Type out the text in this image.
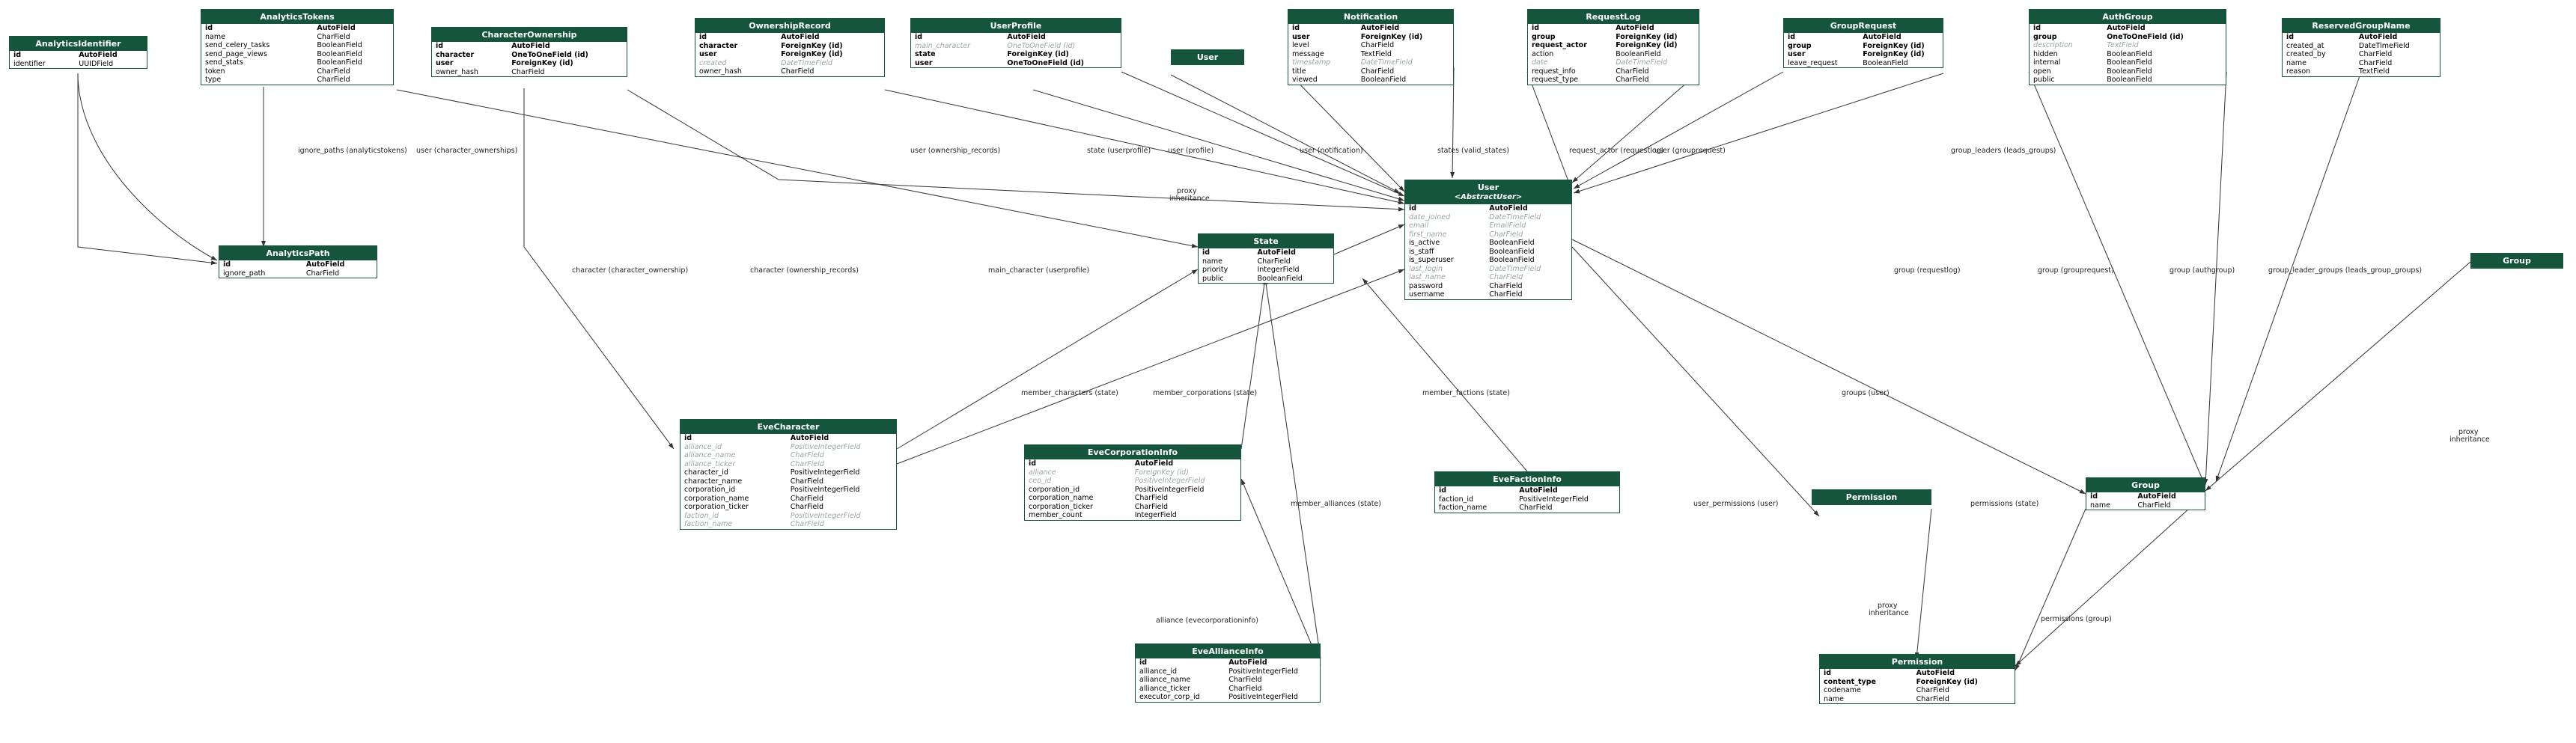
ignore_paths (analyticstokens) user (character_ownerships)	user (ownership_records)	state (userprofile) user (profile)
proxy
inheritance
user (notification)	states (valid_states)	request_actor (requestlog)
user (grouprequest)	group_leaders (leads_groups)
group (requestlog)	group (grouprequest)	group (authgroup)	group_leader_groups (leads_group_groups)
proxy
inheritance
character (character_ownership)	character (ownership_records)	main_character (userprofile)
member_characters (state)	member_corporations (state)	member_factions (state)	groups (user)
member_alliances (state)	user_permissions (user)	permissions (state)
alliance (evecorporationinfo)	permissions (group)
proxy
inheritance
AnalyticsIdentifier
id	AutoField
identifier	UUIDField
AnalyticsTokens
id	AutoField
name	CharField
send_celery_tasks	BooleanField
send_page_views	BooleanField
send_stats	BooleanField
token	CharField
type	CharField
AnalyticsPath
id	AutoField
ignore_path	CharField
CharacterOwnership
id	AutoField
character	OneToOneField (id)
user	ForeignKey (id)
owner_hash	CharField
OwnershipRecord
id	AutoField
character	ForeignKey (id)
user	ForeignKey (id)
created	DateTimeField
owner_hash	CharField
UserProfile
id	AutoField
main_character	OneToOneField (id)
state	ForeignKey (id)
user	OneToOneField (id)
User
Notification
id	AutoField
user	ForeignKey (id)
level	CharField
message	TextField
timestamp	DateTimeField
title	CharField
viewed	BooleanField
RequestLog
id	AutoField
group	ForeignKey (id)
request_actor	ForeignKey (id)
action	BooleanField
date	DateTimeField
request_info	CharField
request_type	CharField
GroupRequest
id	AutoField
group	ForeignKey (id)
user	ForeignKey (id)
leave_request	BooleanField
AuthGroup
id	AutoField
group	OneToOneField (id)
description	TextField
hidden	BooleanField
internal	BooleanField
open	BooleanField
public	BooleanField
ReservedGroupName
id	AutoField
created_at	DateTimeField
created_by	CharField
name	CharField
reason	TextField
Group
State
id	AutoField
name	CharField
priority	IntegerField
public	BooleanField
User
<AbstractUser>
id	AutoField
date_joined	DateTimeField
email	EmailField
first_name	CharField
is_active	BooleanField
is_staff	BooleanField
is_superuser	BooleanField
last_login	DateTimeField
last_name	CharField
password	CharField
username	CharField
EveCharacter
id	AutoField
alliance_id	PositiveIntegerField
alliance_name	CharField
alliance_ticker	CharField
character_id	PositiveIntegerField
character_name	CharField
corporation_id	PositiveIntegerField
corporation_name	CharField
corporation_ticker	CharField
faction_id	PositiveIntegerField
faction_name	CharField
EveCorporationInfo
id	AutoField
alliance	ForeignKey (id)
ceo_id	PositiveIntegerField
corporation_id	PositiveIntegerField
corporation_name	CharField
corporation_ticker	CharField
member_count	IntegerField
EveFactionInfo
id	AutoField
faction_id	PositiveIntegerField
faction_name	CharField
EveAllianceInfo
id	AutoField
alliance_id	PositiveIntegerField
alliance_name	CharField
alliance_ticker	CharField
executor_corp_id	PositiveIntegerField
Permission
Group
id	AutoField
name	CharField
Permission
id	AutoField
content_type	ForeignKey (id)
codename	CharField
name	CharField
